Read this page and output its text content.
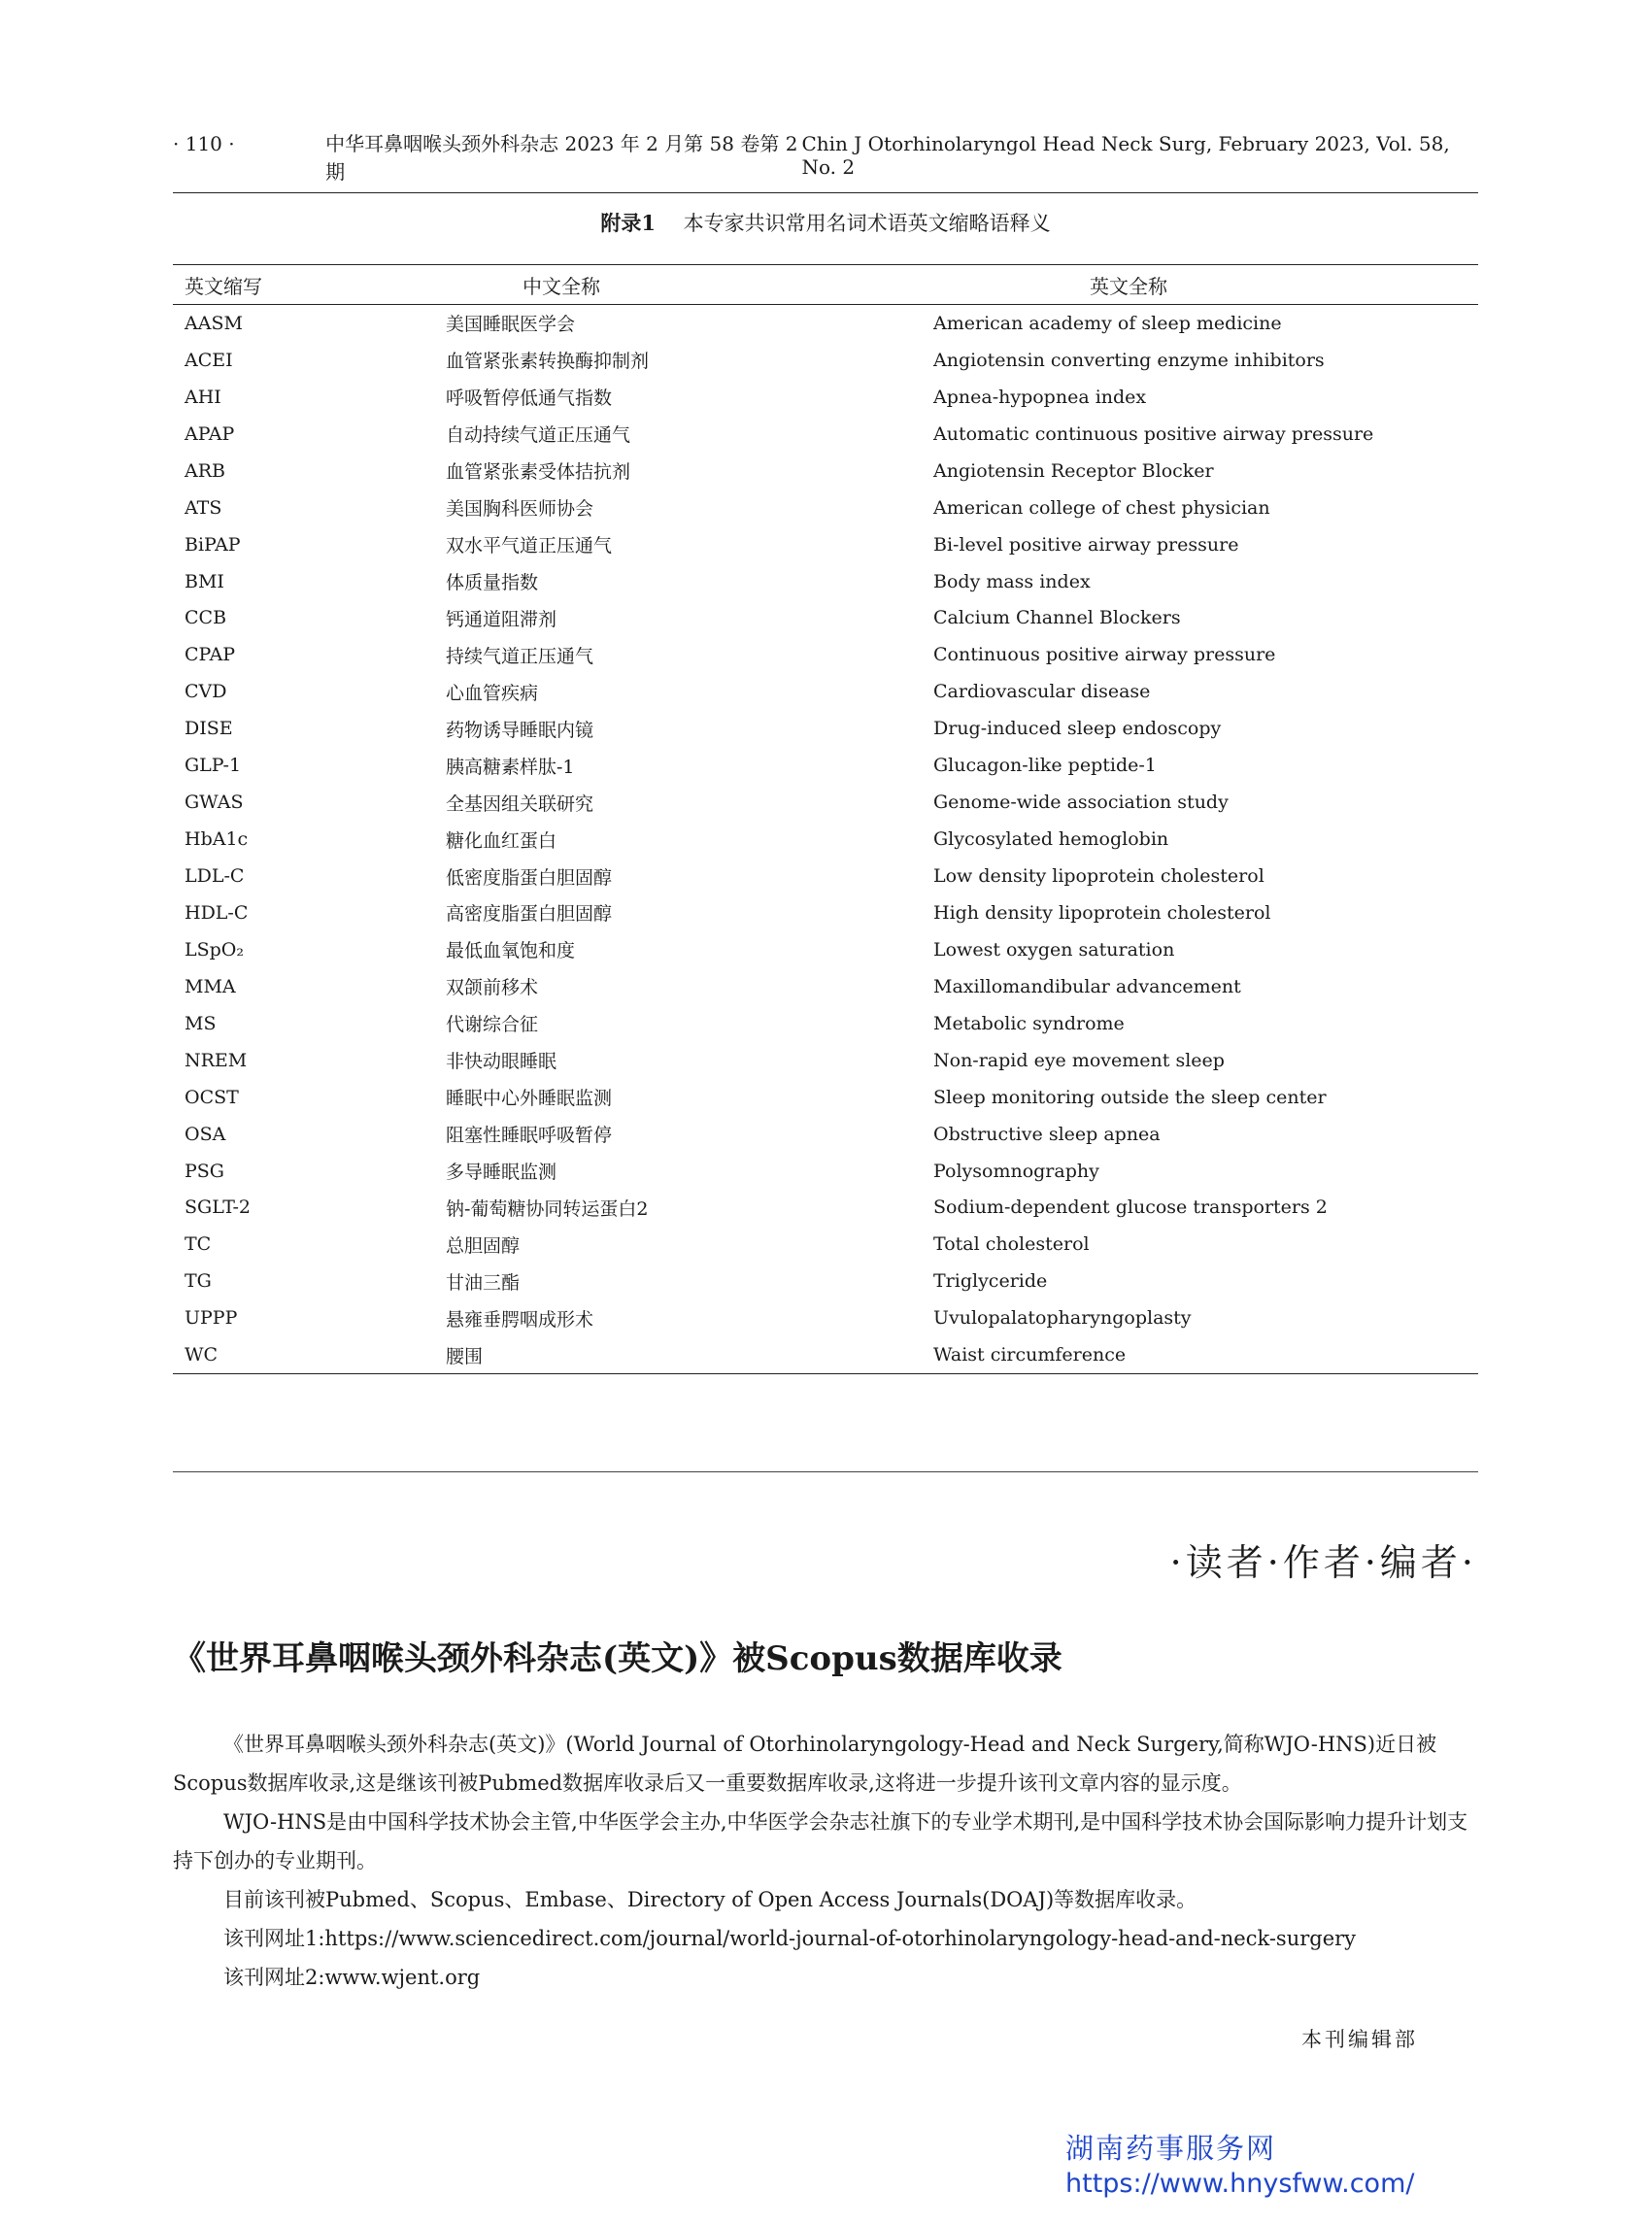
· 110 ·	中华耳鼻咽喉头颈外科杂志 2023 年 2 月第 58 卷第 2 期
Chin J Otorhinolaryngol Head Neck Surg, February 2023, Vol. 58, No. 2
附录1 本专家共识常用名词术语英文缩略语释义
英文缩写	中文全称	英文全称
AASM	美国睡眠医学会	American academy of sleep medicine
ACEI	血管紧张素转换酶抑制剂	Angiotensin converting enzyme inhibitors
AHI	呼吸暂停低通气指数	Apnea-hypopnea index
APAP	自动持续气道正压通气	Automatic continuous positive airway pressure
ARB	血管紧张素受体拮抗剂	Angiotensin Receptor Blocker
ATS	美国胸科医师协会	American college of chest physician
BiPAP	双水平气道正压通气	Bi-level positive airway pressure
BMI	体质量指数	Body mass index
CCB	钙通道阻滞剂	Calcium Channel Blockers
CPAP	持续气道正压通气	Continuous positive airway pressure
CVD	心血管疾病	Cardiovascular disease
DISE	药物诱导睡眠内镜	Drug-induced sleep endoscopy
GLP-1	胰高糖素样肽-1	Glucagon-like peptide-1
GWAS	全基因组关联研究	Genome-wide association study
HbA1c	糖化血红蛋白	Glycosylated hemoglobin
LDL-C	低密度脂蛋白胆固醇	Low density lipoprotein cholesterol
HDL-C	高密度脂蛋白胆固醇	High density lipoprotein cholesterol
LSpO₂	最低血氧饱和度	Lowest oxygen saturation
MMA	双颌前移术	Maxillomandibular advancement
MS	代谢综合征	Metabolic syndrome
NREM	非快动眼睡眠	Non-rapid eye movement sleep
OCST	睡眠中心外睡眠监测	Sleep monitoring outside the sleep center
OSA	阻塞性睡眠呼吸暂停	Obstructive sleep apnea
PSG	多导睡眠监测	Polysomnography
SGLT-2	钠-葡萄糖协同转运蛋白2	Sodium-dependent glucose transporters 2
TC	总胆固醇	Total cholesterol
TG	甘油三酯	Triglyceride
UPPP	悬雍垂腭咽成形术	Uvulopalatopharyngoplasty
WC	腰围	Waist circumference
·读者·作者·编者·
《世界耳鼻咽喉头颈外科杂志(英文)》被Scopus数据库收录

《世界耳鼻咽喉头颈外科杂志(英文)》(World Journal of Otorhinolaryngology-Head and Neck Surgery,简称WJO-HNS)近日被Scopus数据库收录,这是继该刊被Pubmed数据库收录后又一重要数据库收录,这将进一步提升该刊文章内容的显示度。

WJO-HNS是由中国科学技术协会主管,中华医学会主办,中华医学会杂志社旗下的专业学术期刊,是中国科学技术协会国际影响力提升计划支持下创办的专业期刊。

目前该刊被Pubmed、Scopus、Embase、Directory of Open Access Journals(DOAJ)等数据库收录。

该刊网址1:https://www.sciencedirect.com/journal/world-journal-of-otorhinolaryngology-head-and-neck-surgery

该刊网址2:www.wjent.org

本刊编辑部
湖南药事服务网
https://www.hnysfww.com/
